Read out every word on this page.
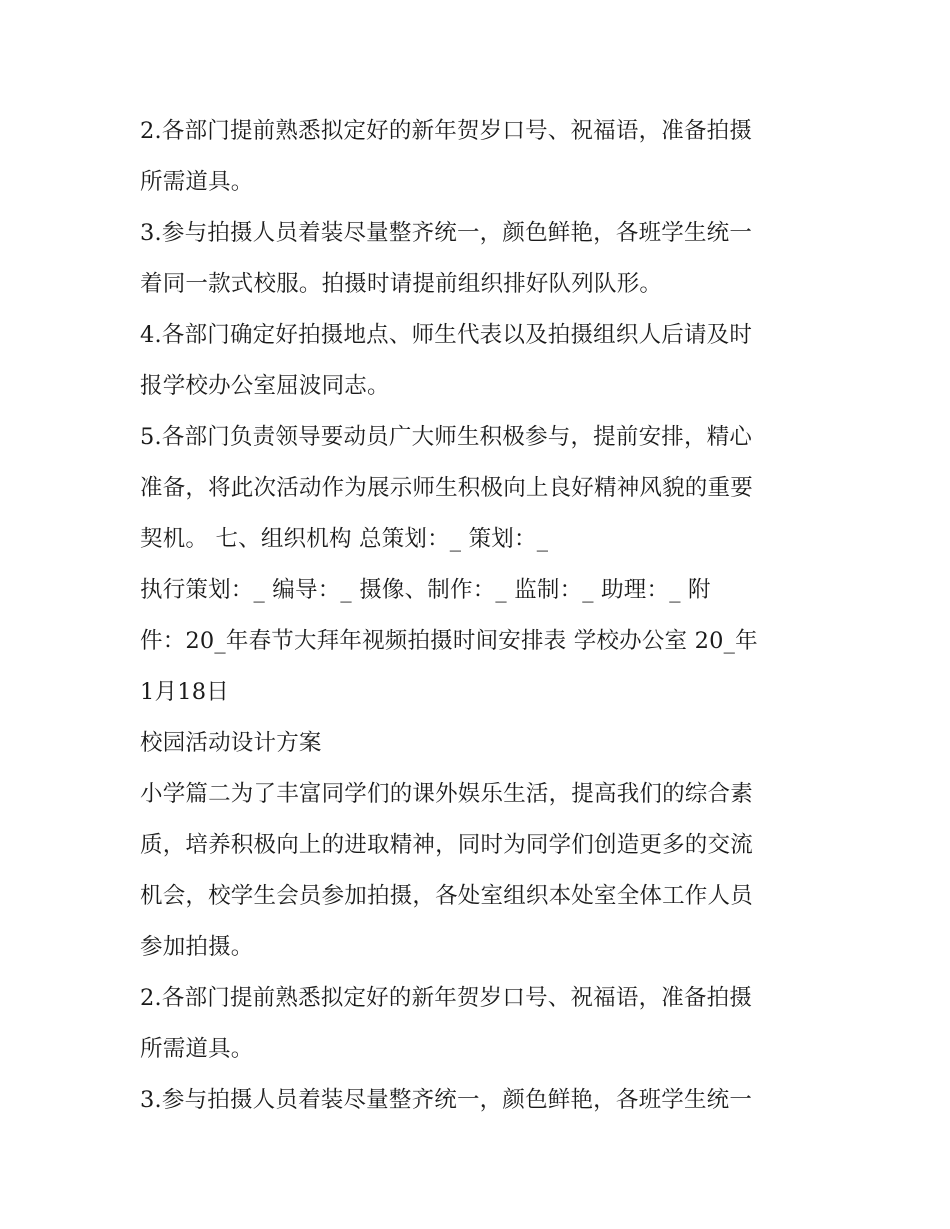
2.各部门提前熟悉拟定好的新年贺岁口号、祝福语，准备拍摄
所需道具。
3.参与拍摄人员着装尽量整齐统一，颜色鲜艳，各班学生统一
着同一款式校服。拍摄时请提前组织排好队列队形。
4.各部门确定好拍摄地点、师生代表以及拍摄组织人后请及时
报学校办公室屈波同志。
5.各部门负责领导要动员广大师生积极参与，提前安排，精心
准备，将此次活动作为展示师生积极向上良好精神风貌的重要
契机。 七、组织机构 总策划：_ 策划：_
执行策划：_ 编导：_ 摄像、制作：_ 监制：_ 助理：_ 附
件：20_年春节大拜年视频拍摄时间安排表 学校办公室 20_年
1月18日
校园活动设计方案
小学篇二为了丰富同学们的课外娱乐生活，提高我们的综合素
质，培养积极向上的进取精神，同时为同学们创造更多的交流
机会，校学生会员参加拍摄，各处室组织本处室全体工作人员
参加拍摄。
2.各部门提前熟悉拟定好的新年贺岁口号、祝福语，准备拍摄
所需道具。
3.参与拍摄人员着装尽量整齐统一，颜色鲜艳，各班学生统一
